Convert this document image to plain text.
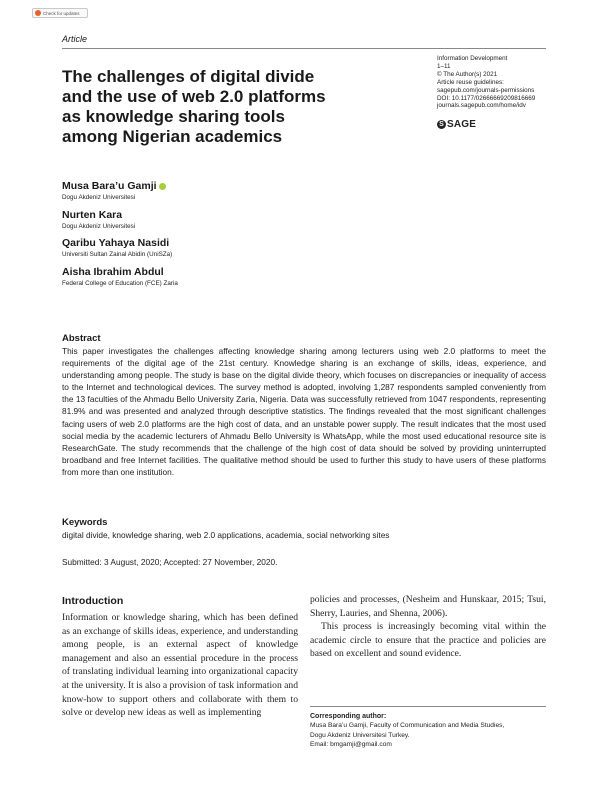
Check for updates
Article
The challenges of digital divide
and the use of web 2.0 platforms
as knowledge sharing tools
among Nigerian academics
Information Development
1–11
© The Author(s) 2021
Article reuse guidelines:
sagepub.com/journals-permissions
DOI: 10.1177/02666669209816669
journals.sagepub.com/home/idv
S SAGE
Musa Bara’u Gamji
Dogu Akdeniz Universitesi
Nurten Kara
Dogu Akdeniz Universitesi
Qaribu Yahaya Nasidi
Universiti Sultan Zainal Abidin (UniSZa)
Aisha Ibrahim Abdul
Federal College of Education (FCE) Zaria
Abstract
This paper investigates the challenges affecting knowledge sharing among lecturers using web 2.0 platforms to meet the requirements of the digital age of the 21st century. Knowledge sharing is an exchange of skills, ideas, experience, and understanding among people. The study is base on the digital divide theory, which focuses on discrepancies or inequality of access to the Internet and technological devices. The survey method is adopted, involving 1,287 respondents sampled conveniently from the 13 faculties of the Ahmadu Bello University Zaria, Nigeria. Data was successfully retrieved from 1047 respondents, representing 81.9% and was presented and analyzed through descriptive statistics. The findings revealed that the most significant challenges facing users of web 2.0 platforms are the high cost of data, and an unstable power supply. The result indicates that the most used social media by the academic lecturers of Ahmadu Bello University is WhatsApp, while the most used educational resource site is ResearchGate. The study recommends that the challenge of the high cost of data should be solved by providing uninterrupted broadband and free Internet facilities. The qualitative method should be used to further this study to have users of these platforms from more than one institution.
Keywords
digital divide, knowledge sharing, web 2.0 applications, academia, social networking sites
Submitted: 3 August, 2020; Accepted: 27 November, 2020.
Introduction
Information or knowledge sharing, which has been defined as an exchange of skills ideas, experience, and understanding among people, is an external aspect of knowledge management and also an essential procedure in the process of translating individual learning into organizational capacity at the university. It is also a provision of task information and know-how to support others and collaborate with them to solve or develop new ideas as well as implementing

policies and processes, (Nesheim and Hunskaar, 2015; Tsui, Sherry, Lauries, and Shenna, 2006).

This process is increasingly becoming vital within the academic circle to ensure that the practice and policies are based on excellent and sound evidence.

Corresponding author:
Musa Bara’u Gamji, Faculty of Communication and Media Studies,
Dogu Akdeniz Universitesi Turkey.
Email: bmgamji@gmail.com
